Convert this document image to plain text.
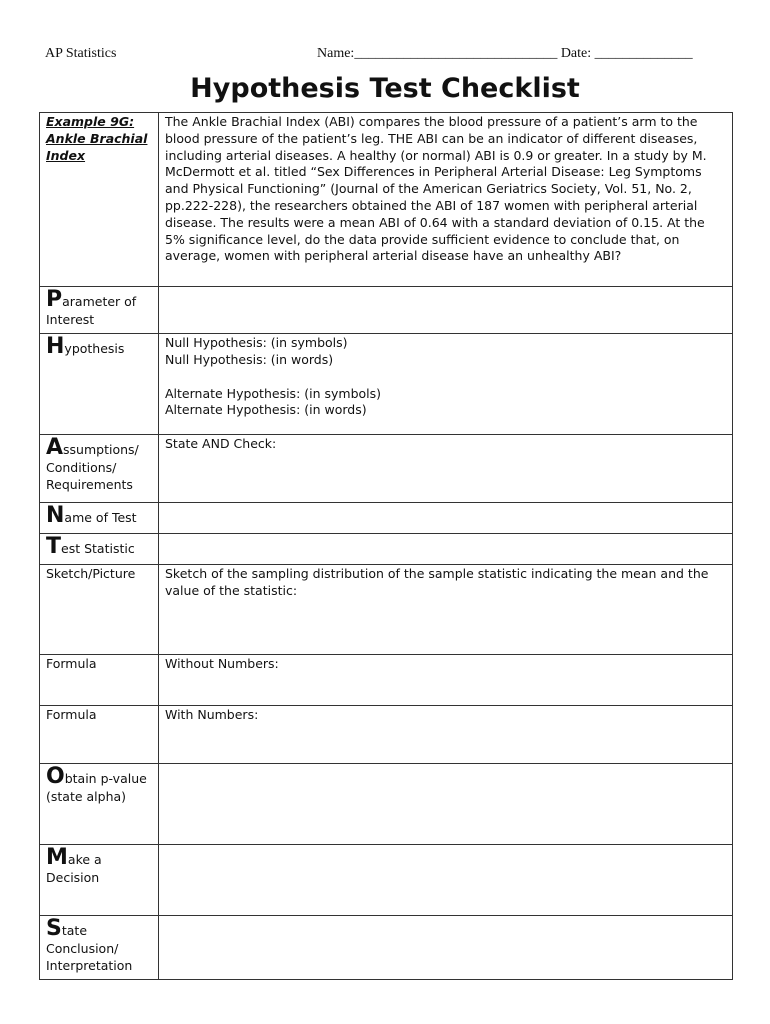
AP Statistics	Name:_____________________________ Date: ______________
Hypothesis Test Checklist
Example 9G: Ankle Brachial Index	The Ankle Brachial Index (ABI) compares the blood pressure of a patient’s arm to the blood pressure of the patient’s leg. THE ABI can be an indicator of different diseases, including arterial diseases. A healthy (or normal) ABI is 0.9 or greater. In a study by M. McDermott et al. titled “Sex Differences in Peripheral Arterial Disease: Leg Symptoms and Physical Functioning” (Journal of the American Geriatrics Society, Vol. 51, No. 2, pp.222-228), the researchers obtained the ABI of 187 women with peripheral arterial disease. The results were a mean ABI of 0.64 with a standard deviation of 0.15. At the 5% significance level, do the data provide sufficient evidence to conclude that, on average, women with peripheral arterial disease have an unhealthy ABI?
Parameter of Interest	
Hypothesis	Null Hypothesis: (in symbols)
Null Hypothesis: (in words)
Alternate Hypothesis: (in symbols)
Alternate Hypothesis: (in words)

Assumptions/ Conditions/ Requirements	State AND Check:
Name of Test	
Test Statistic	
Sketch/Picture	Sketch of the sampling distribution of the sample statistic indicating the mean and the value of the statistic:
Formula	Without Numbers:
Formula	With Numbers:
Obtain p-value (state alpha)	
Make a Decision	
State Conclusion/ Interpretation	
